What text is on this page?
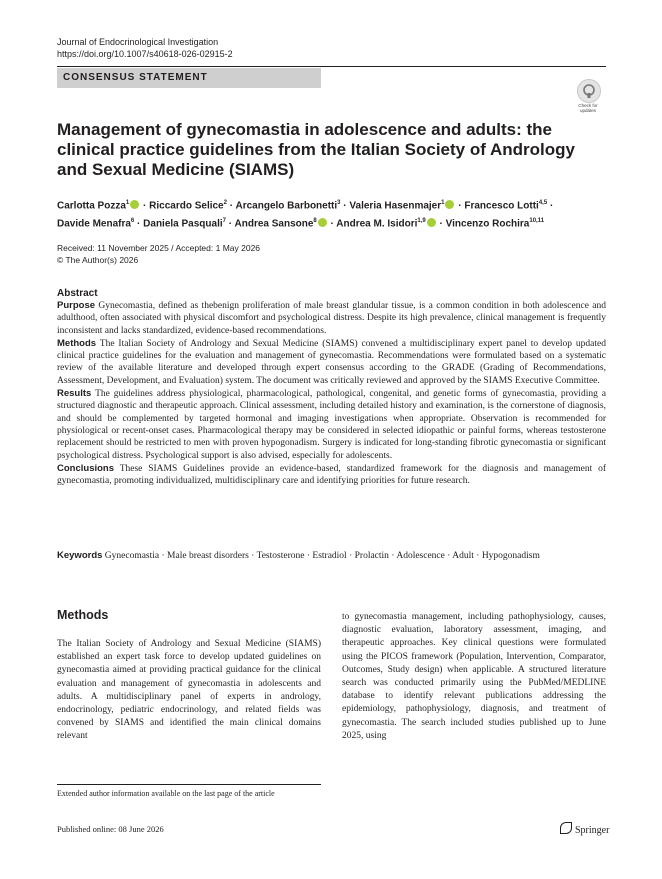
Journal of Endocrinological Investigation
https://doi.org/10.1007/s40618-026-02915-2
CONSENSUS STATEMENT
Check for
updates
Management of gynecomastia in adolescence and adults: the clinical practice guidelines from the Italian Society of Andrology and Sexual Medicine (SIAMS)
Carlotta Pozza$^1$ · Riccardo Selice$^2$ · Arcangelo Barbonetti$^3$ · Valeria Hasenmajer$^1$ · Francesco Lotti$^{4,5}$ ·
Davide Menafra$^6$ · Daniela Pasquali$^7$ · Andrea Sansone$^8$ · Andrea M. Isidori$^{1,9}$ · Vincenzo Rochira$^{10,11}$
Received: 11 November 2025 / Accepted: 1 May 2026
© The Author(s) 2026
Abstract

Purpose Gynecomastia, defined as thebenign proliferation of male breast glandular tissue, is a common condition in both adolescence and adulthood, often associated with physical discomfort and psychological distress. Despite its high prevalence, clinical management is frequently inconsistent and lacks standardized, evidence-based recommendations.

Methods The Italian Society of Andrology and Sexual Medicine (SIAMS) convened a multidisciplinary expert panel to develop updated clinical practice guidelines for the evaluation and management of gynecomastia. Recommendations were formulated based on a systematic review of the available literature and developed through expert consensus according to the GRADE (Grading of Recommendations, Assessment, Development, and Evaluation) system. The document was critically reviewed and approved by the SIAMS Executive Committee.

Results The guidelines address physiological, pharmacological, pathological, congenital, and genetic forms of gynecomastia, providing a structured diagnostic and therapeutic approach. Clinical assessment, including detailed history and examination, is the cornerstone of diagnosis, and should be complemented by targeted hormonal and imaging investigations when appropriate. Observation is recommended for physiological or recent-onset cases. Pharmacological therapy may be considered in selected idiopathic or painful forms, whereas testosterone replacement should be restricted to men with proven hypogonadism. Surgery is indicated for long-standing fibrotic gynecomastia or significant psychological distress. Psychological support is also advised, especially for adolescents.

Conclusions These SIAMS Guidelines provide an evidence-based, standardized framework for the diagnosis and management of gynecomastia, promoting individualized, multidisciplinary care and identifying priorities for future research.

Keywords Gynecomastia · Male breast disorders · Testosterone · Estradiol · Prolactin · Adolescence · Adult · Hypogonadism
Methods
The Italian Society of Andrology and Sexual Medicine (SIAMS) established an expert task force to develop updated guidelines on gynecomastia aimed at providing practical guidance for the clinical evaluation and management of gynecomastia in adolescents and adults. A multidisciplinary panel of experts in andrology, endocrinology, pediatric endocrinology, and related fields was convened by SIAMS and identified the main clinical domains relevant
to gynecomastia management, including pathophysiology, causes, diagnostic evaluation, laboratory assessment, imaging, and therapeutic approaches. Key clinical questions were formulated using the PICOS framework (Population, Intervention, Comparator, Outcomes, Study design) when applicable. A structured literature search was conducted primarily using the PubMed/MEDLINE database to identify relevant publications addressing the epidemiology, pathophysiology, diagnosis, and treatment of gynecomastia. The search included studies published up to June 2025, using
Extended author information available on the last page of the article
Published online: 08 June 2026	Springer
